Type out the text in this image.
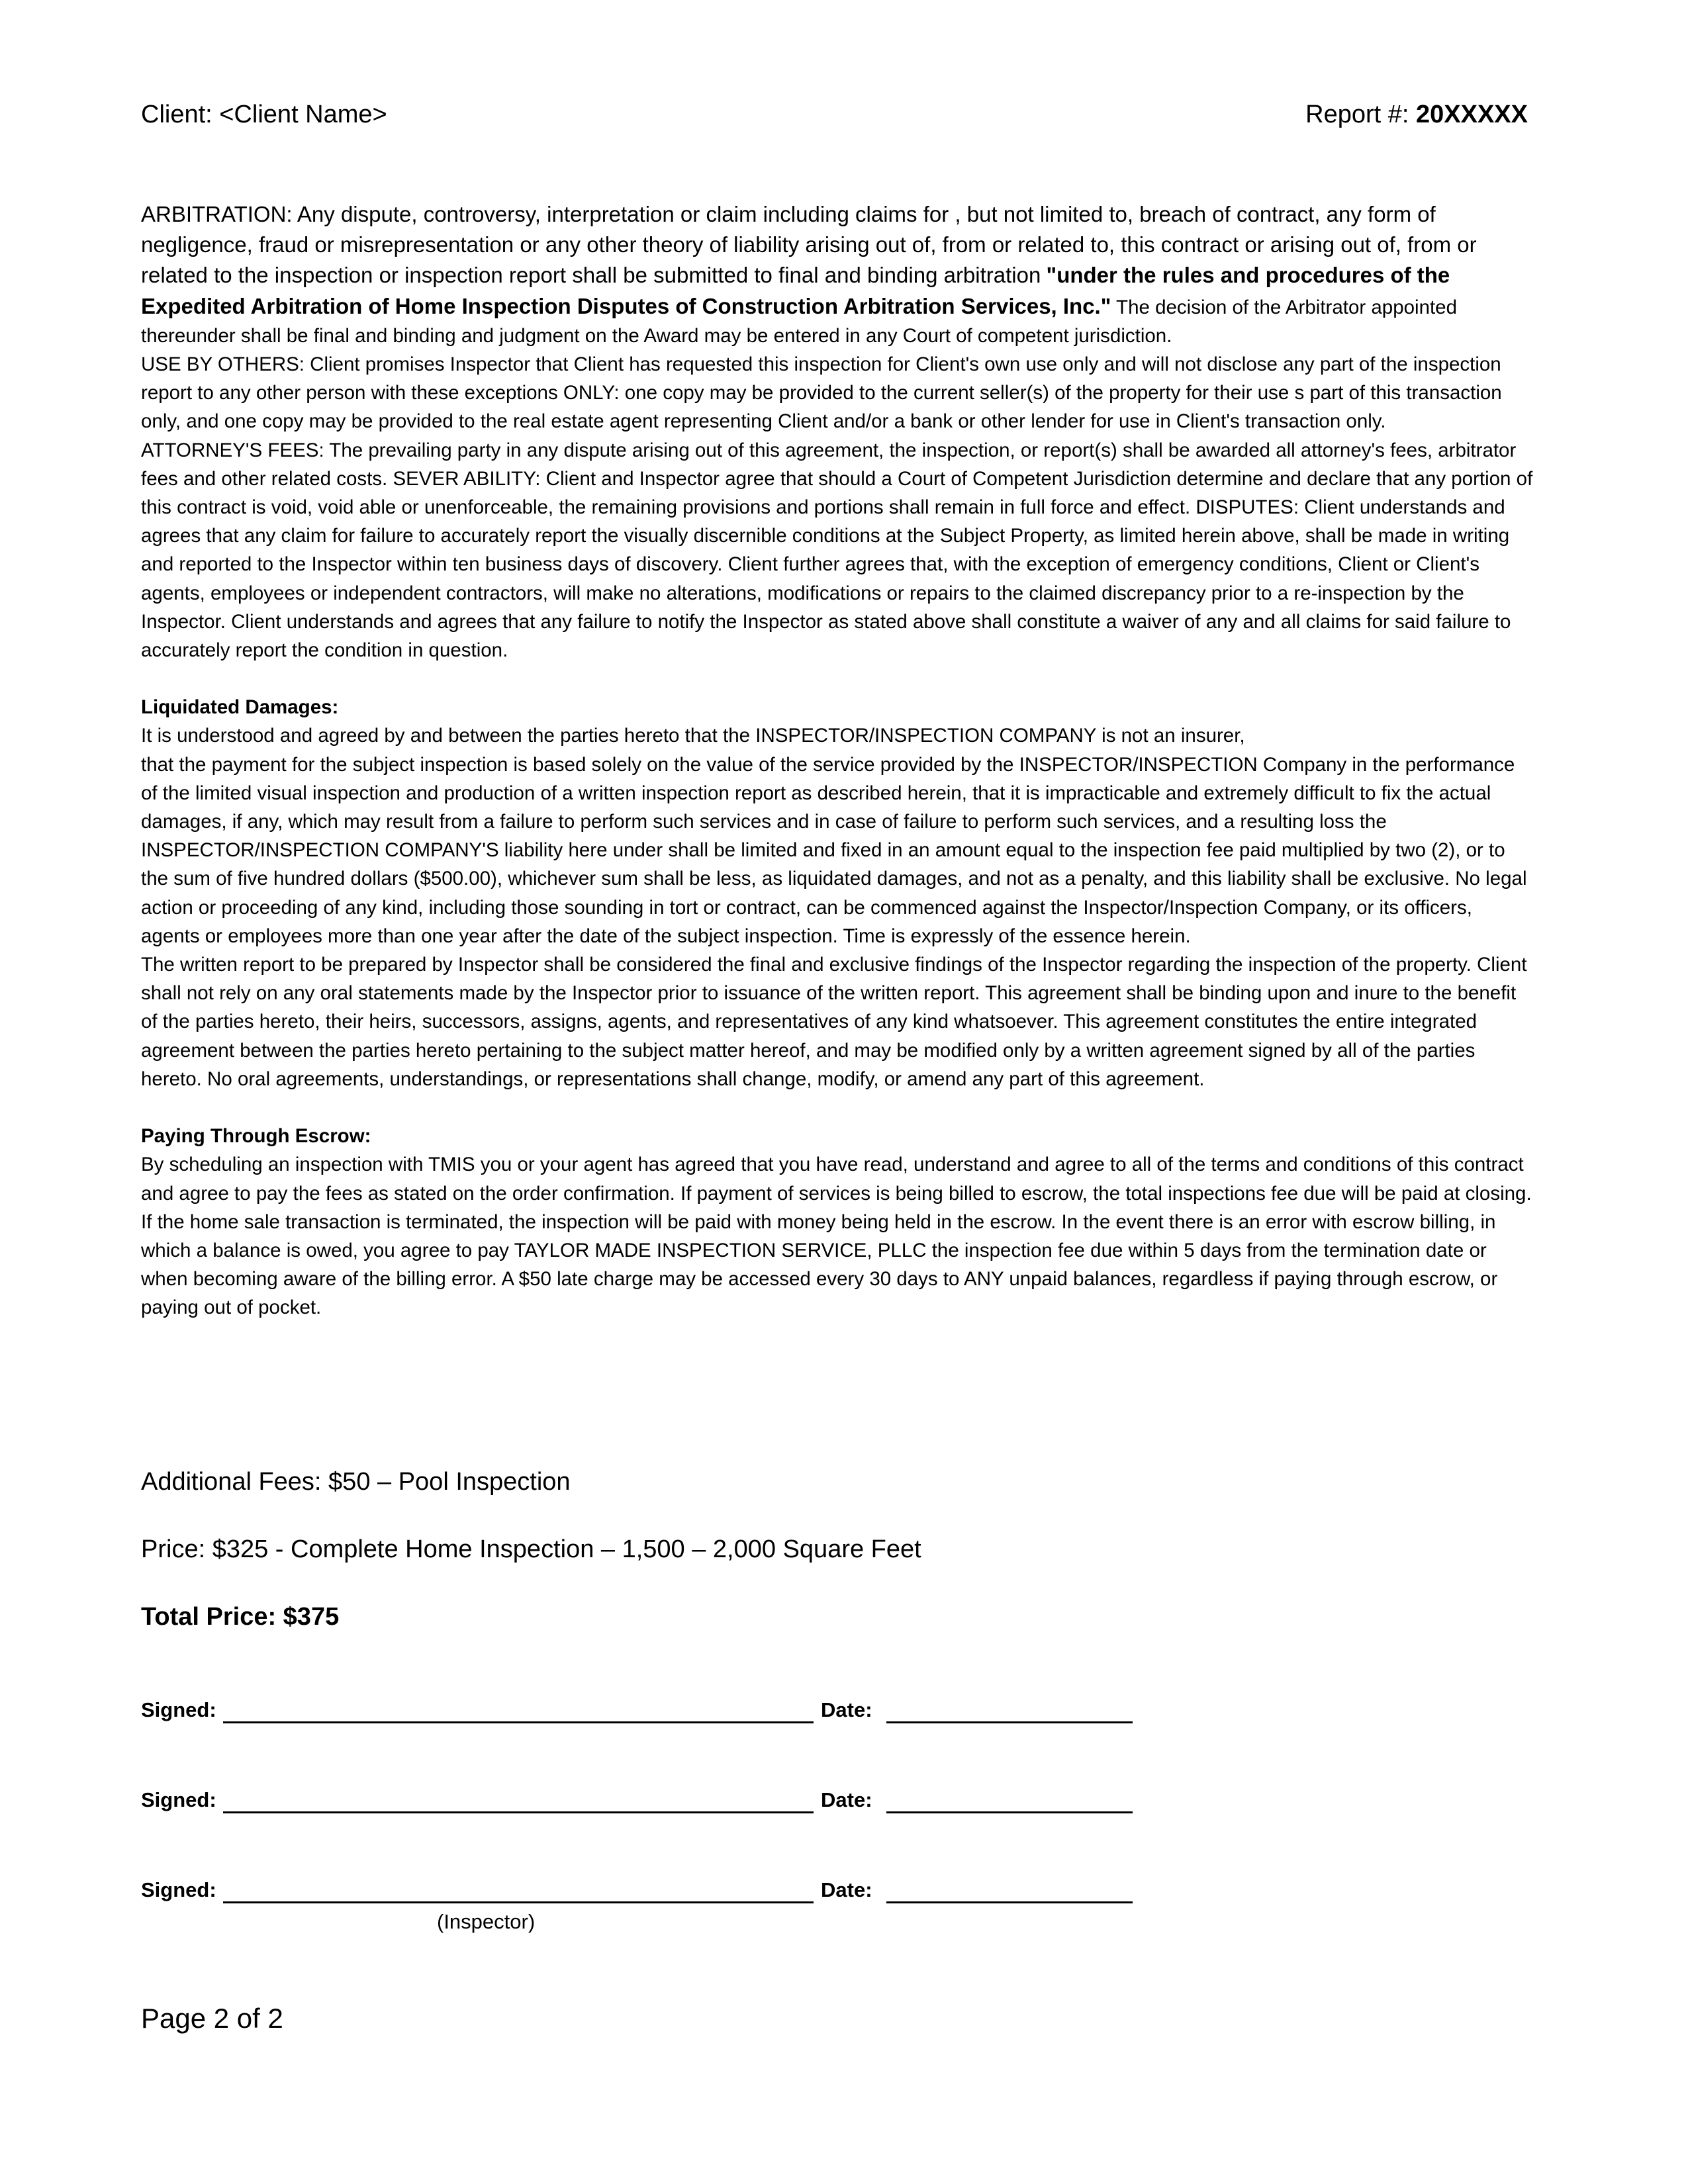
Client: <Client Name>	Report #: 20XXXXX

ARBITRATION: Any dispute, controversy, interpretation or claim including claims for , but not limited to, breach of contract, any form of negligence, fraud or misrepresentation or any other theory of liability arising out of, from or related to, this contract or arising out of, from or related to the inspection or inspection report shall be submitted to final and binding arbitration "under the rules and procedures of the Expedited Arbitration of Home Inspection Disputes of Construction Arbitration Services, Inc." The decision of the Arbitrator appointed thereunder shall be final and binding and judgment on the Award may be entered in any Court of competent jurisdiction.

USE BY OTHERS: Client promises Inspector that Client has requested this inspection for Client's own use only and will not disclose any part of the inspection report to any other person with these exceptions ONLY: one copy may be provided to the current seller(s) of the property for their use s part of this transaction only, and one copy may be provided to the real estate agent representing Client and/or a bank or other lender for use in Client's transaction only.

ATTORNEY'S FEES: The prevailing party in any dispute arising out of this agreement, the inspection, or report(s) shall be awarded all attorney's fees, arbitrator fees and other related costs. SEVER ABILITY: Client and Inspector agree that should a Court of Competent Jurisdiction determine and declare that any portion of this contract is void, void able or unenforceable, the remaining provisions and portions shall remain in full force and effect. DISPUTES: Client understands and agrees that any claim for failure to accurately report the visually discernible conditions at the Subject Property, as limited herein above, shall be made in writing and reported to the Inspector within ten business days of discovery. Client further agrees that, with the exception of emergency conditions, Client or Client's agents, employees or independent contractors, will make no alterations, modifications or repairs to the claimed discrepancy prior to a re-inspection by the Inspector. Client understands and agrees that any failure to notify the Inspector as stated above shall constitute a waiver of any and all claims for said failure to accurately report the condition in question.

Liquidated Damages:

It is understood and agreed by and between the parties hereto that the INSPECTOR/INSPECTION COMPANY is not an insurer,

that the payment for the subject inspection is based solely on the value of the service provided by the INSPECTOR/INSPECTION Company in the performance of the limited visual inspection and production of a written inspection report as described herein, that it is impracticable and extremely difficult to fix the actual damages, if any, which may result from a failure to perform such services and in case of failure to perform such services, and a resulting loss the INSPECTOR/INSPECTION COMPANY'S liability here under shall be limited and fixed in an amount equal to the inspection fee paid multiplied by two (2), or to the sum of five hundred dollars ($500.00), whichever sum shall be less, as liquidated damages, and not as a penalty, and this liability shall be exclusive. No legal action or proceeding of any kind, including those sounding in tort or contract, can be commenced against the Inspector/Inspection Company, or its officers, agents or employees more than one year after the date of the subject inspection. Time is expressly of the essence herein.

The written report to be prepared by Inspector shall be considered the final and exclusive findings of the Inspector regarding the inspection of the property. Client shall not rely on any oral statements made by the Inspector prior to issuance of the written report. This agreement shall be binding upon and inure to the benefit of the parties hereto, their heirs, successors, assigns, agents, and representatives of any kind whatsoever. This agreement constitutes the entire integrated agreement between the parties hereto pertaining to the subject matter hereof, and may be modified only by a written agreement signed by all of the parties hereto. No oral agreements, understandings, or representations shall change, modify, or amend any part of this agreement.

Paying Through Escrow:

By scheduling an inspection with TMIS you or your agent has agreed that you have read, understand and agree to all of the terms and conditions of this contract and agree to pay the fees as stated on the order confirmation. If payment of services is being billed to escrow, the total inspections fee due will be paid at closing. If the home sale transaction is terminated, the inspection will be paid with money being held in the escrow. In the event there is an error with escrow billing, in which a balance is owed, you agree to pay TAYLOR MADE INSPECTION SERVICE, PLLC the inspection fee due within 5 days from the termination date or when becoming aware of the billing error. A $50 late charge may be accessed every 30 days to ANY unpaid balances, regardless if paying through escrow, or paying out of pocket.

Additional Fees: $50 – Pool Inspection
Price: $325 - Complete Home Inspection – 1,500 – 2,000 Square Feet
Total Price: $375
Signed:	Date:
Signed:	Date:
Signed:	Date:
(Inspector)
Page 2 of 2
